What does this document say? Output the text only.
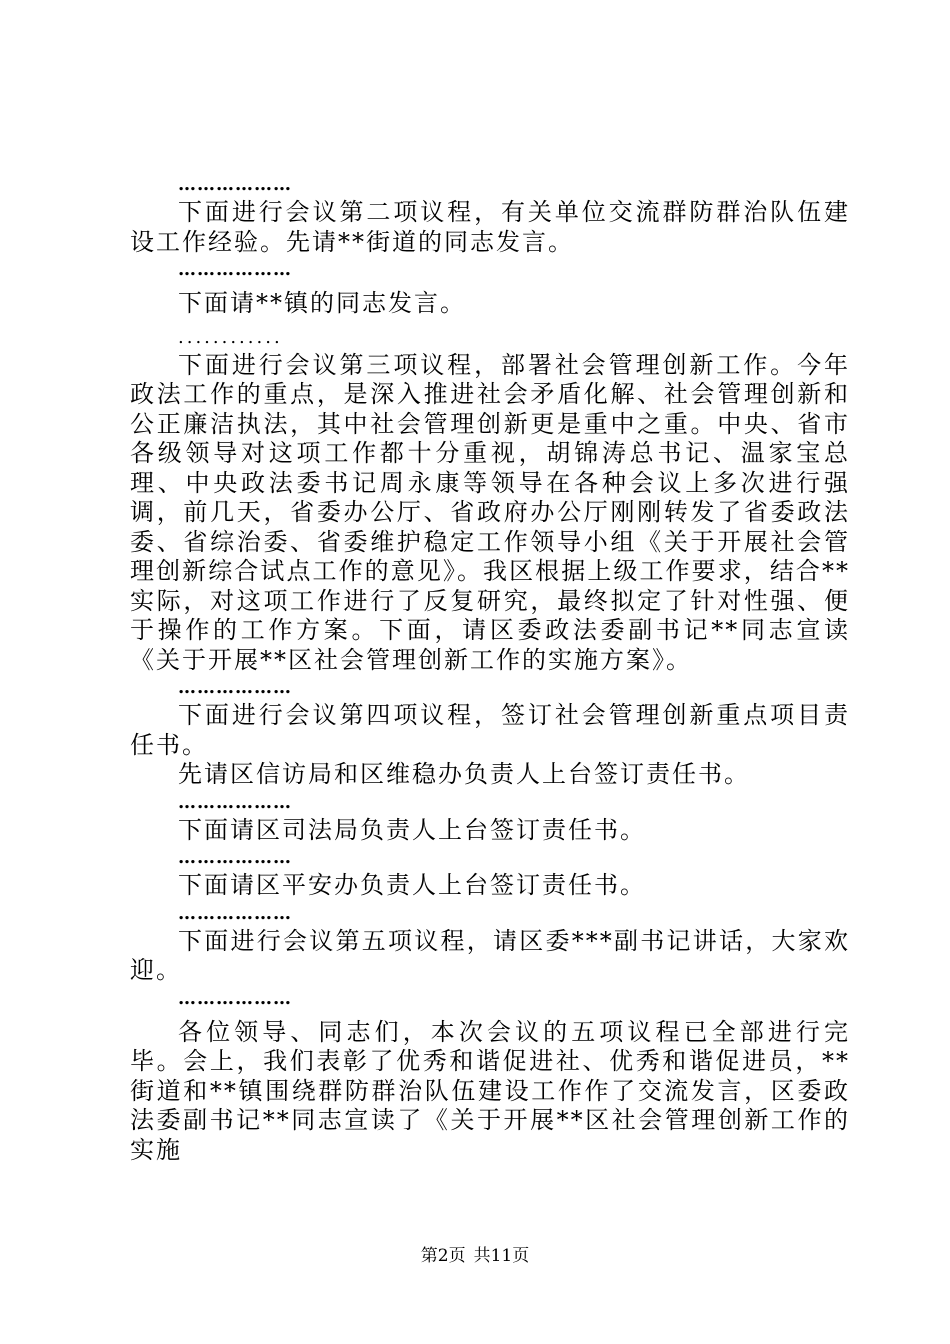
………………

下面进行会议第二项议程，有关单位交流群防群治队伍建设工作经验。先请**街道的同志发言。

………………

下面请**镇的同志发言。

............

下面进行会议第三项议程，部署社会管理创新工作。今年政法工作的重点，是深入推进社会矛盾化解、社会管理创新和公正廉洁执法，其中社会管理创新更是重中之重。中央、省市各级领导对这项工作都十分重视，胡锦涛总书记、温家宝总理、中央政法委书记周永康等领导在各种会议上多次进行强调，前几天，省委办公厅、省政府办公厅刚刚转发了省委政法委、省综治委、省委维护稳定工作领导小组《关于开展社会管理创新综合试点工作的意见》。我区根据上级工作要求，结合**实际，对这项工作进行了反复研究，最终拟定了针对性强、便于操作的工作方案。下面，请区委政法委副书记**同志宣读《关于开展**区社会管理创新工作的实施方案》。

………………

下面进行会议第四项议程，签订社会管理创新重点项目责任书。

先请区信访局和区维稳办负责人上台签订责任书。

………………

下面请区司法局负责人上台签订责任书。

………………

下面请区平安办负责人上台签订责任书。

………………

下面进行会议第五项议程，请区委***副书记讲话，大家欢迎。

………………

各位领导、同志们，本次会议的五项议程已全部进行完毕。会上，我们表彰了优秀和谐促进社、优秀和谐促进员，**街道和**镇围绕群防群治队伍建设工作作了交流发言，区委政法委副书记**同志宣读了《关于开展**区社会管理创新工作的实施

第2页 共11页
